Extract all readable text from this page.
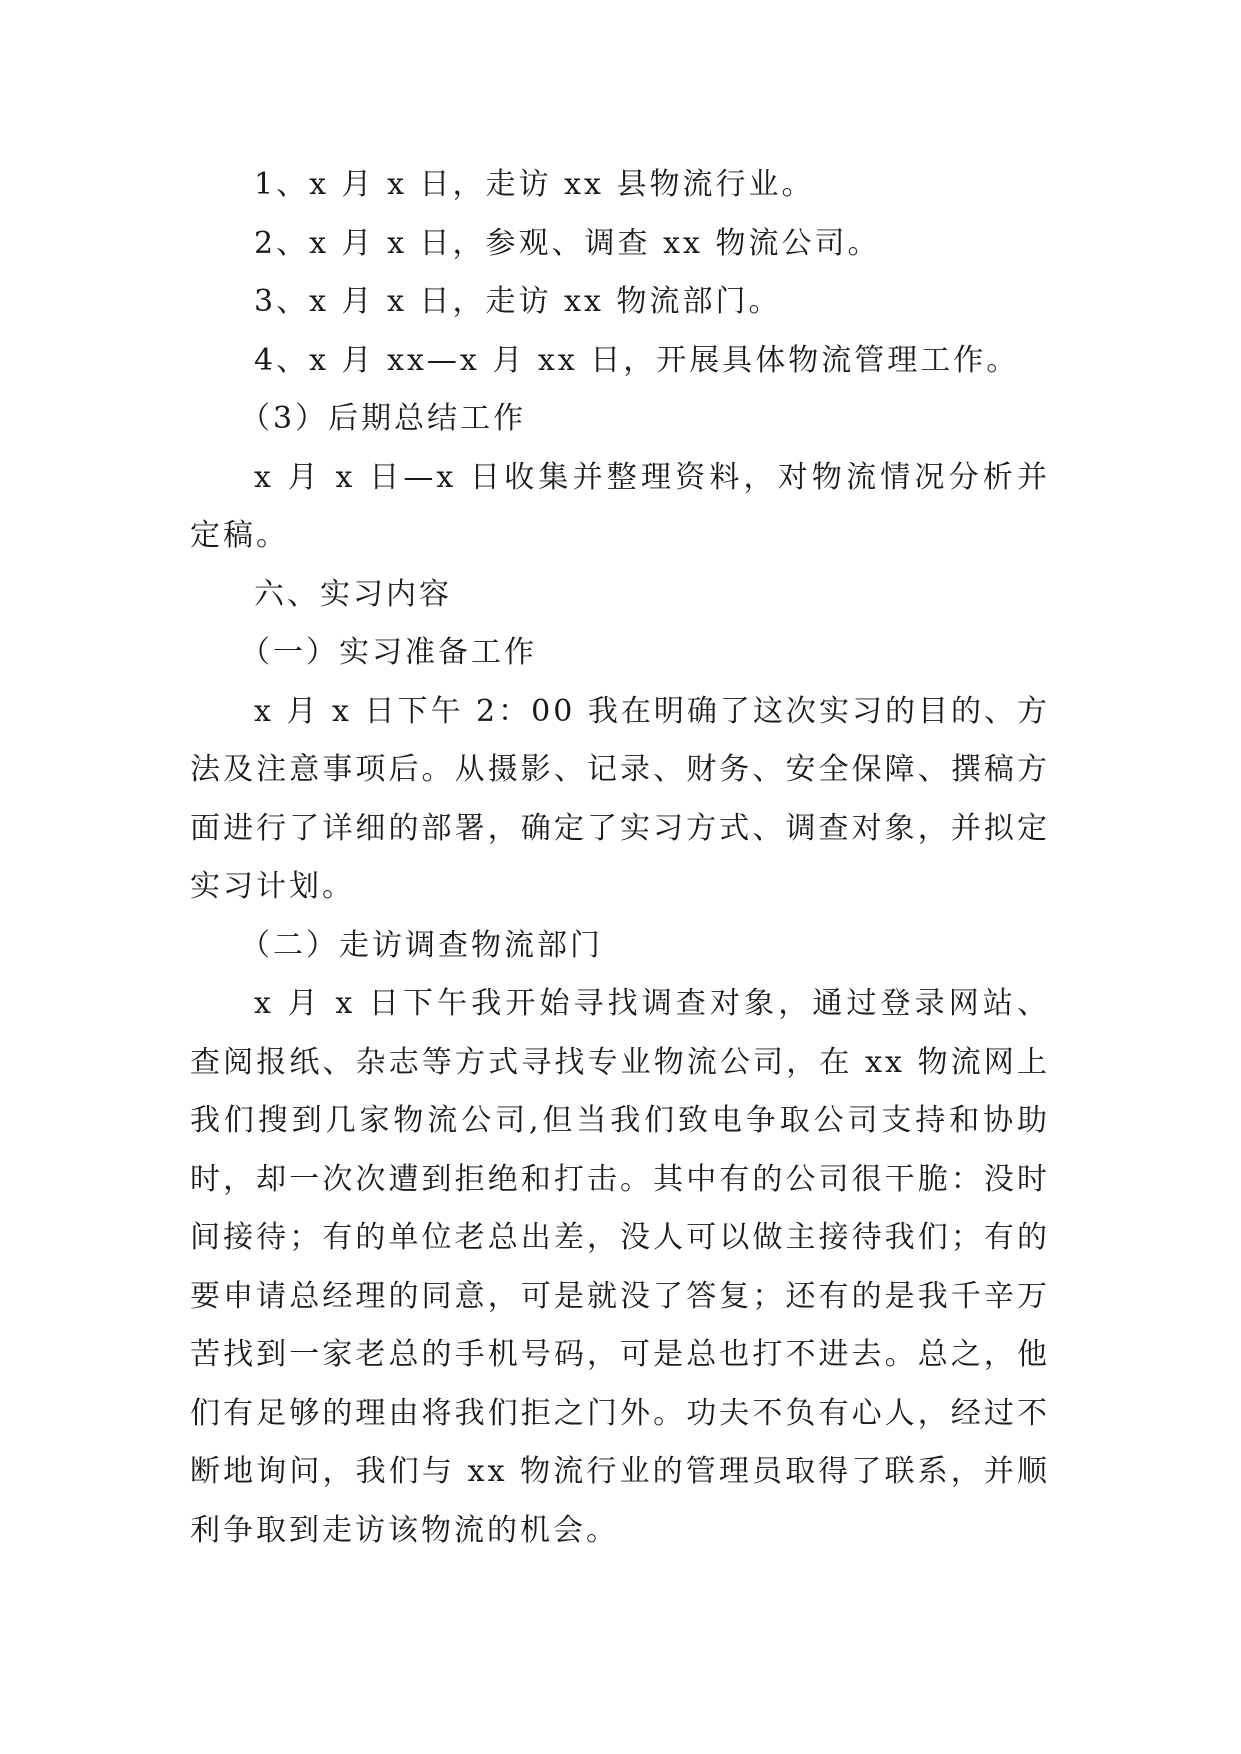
1、x 月 x 日，走访 xx 县物流行业。

2、x 月 x 日，参观、调查 xx 物流公司。

3、x 月 x 日，走访 xx 物流部门。

4、x 月 xx—x 月 xx 日，开展具体物流管理工作。

（3）后期总结工作

x 月 x 日—x 日收集并整理资料，对物流情况分析并定稿。

六、实习内容

（一）实习准备工作

x 月 x 日下午 2：00 我在明确了这次实习的目的、方法及注意事项后。从摄影、记录、财务、安全保障、撰稿方面进行了详细的部署，确定了实习方式、调查对象，并拟定实习计划。

（二）走访调查物流部门

x 月 x 日下午我开始寻找调查对象，通过登录网站、查阅报纸、杂志等方式寻找专业物流公司，在 xx 物流网上我们搜到几家物流公司,但当我们致电争取公司支持和协助时，却一次次遭到拒绝和打击。其中有的公司很干脆：没时间接待；有的单位老总出差，没人可以做主接待我们；有的要申请总经理的同意，可是就没了答复；还有的是我千辛万苦找到一家老总的手机号码，可是总也打不进去。总之，他们有足够的理由将我们拒之门外。功夫不负有心人，经过不断地询问，我们与 xx 物流行业的管理员取得了联系，并顺利争取到走访该物流的机会。
